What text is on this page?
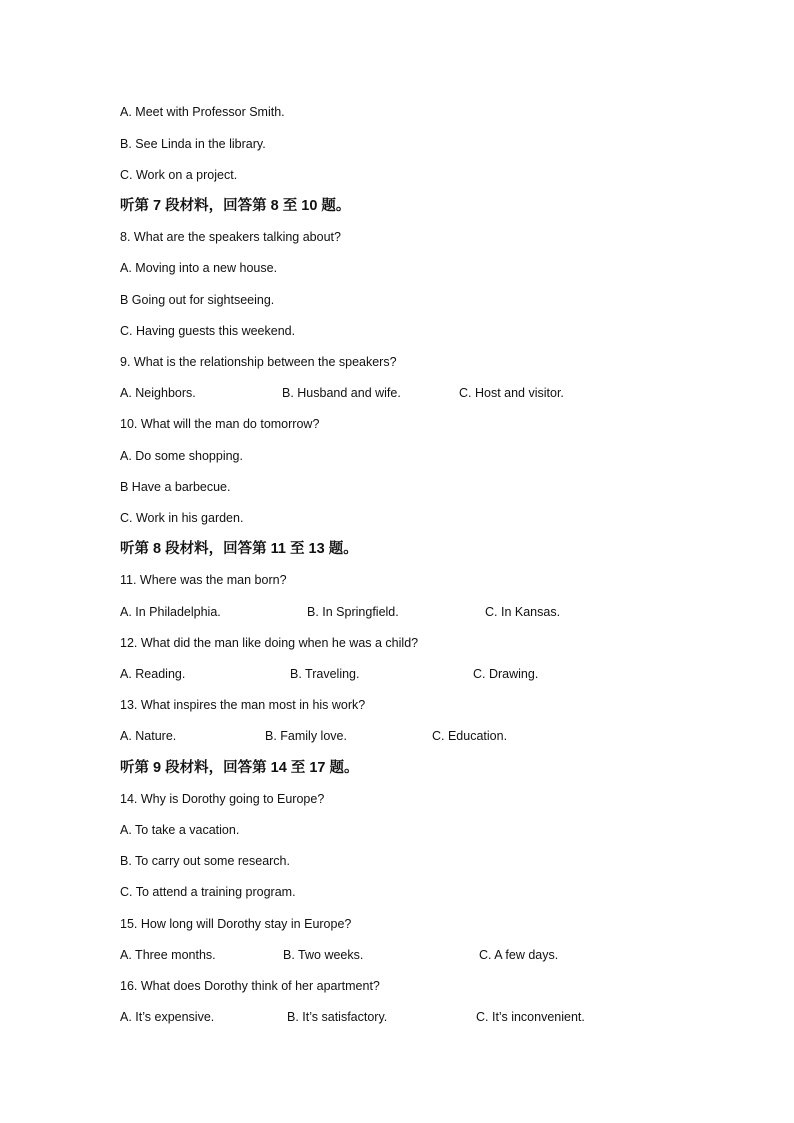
A. Meet with Professor Smith.
B. See Linda in the library.
C. Work on a project.
听第 7 段材料，回答第 8 至 10 题。
8. What are the speakers talking about?
A. Moving into a new house.
B Going out for sightseeing.
C. Having guests this weekend.
9. What is the relationship between the speakers?
A. Neighbors.	B. Husband and wife.	C. Host and visitor.
10. What will the man do tomorrow?
A. Do some shopping.
B Have a barbecue.
C. Work in his garden.
听第 8 段材料，回答第 11 至 13 题。
11. Where was the man born?
A. In Philadelphia.	B. In Springfield.	C. In Kansas.
12. What did the man like doing when he was a child?
A. Reading.	B. Traveling.	C. Drawing.
13. What inspires the man most in his work?
A. Nature.	B. Family love.	C. Education.
听第 9 段材料，回答第 14 至 17 题。
14. Why is Dorothy going to Europe?
A. To take a vacation.
B. To carry out some research.
C. To attend a training program.
15. How long will Dorothy stay in Europe?
A. Three months.	B. Two weeks.	C. A few days.
16. What does Dorothy think of her apartment?
A. It’s expensive.	B. It’s satisfactory.	C. It’s inconvenient.
